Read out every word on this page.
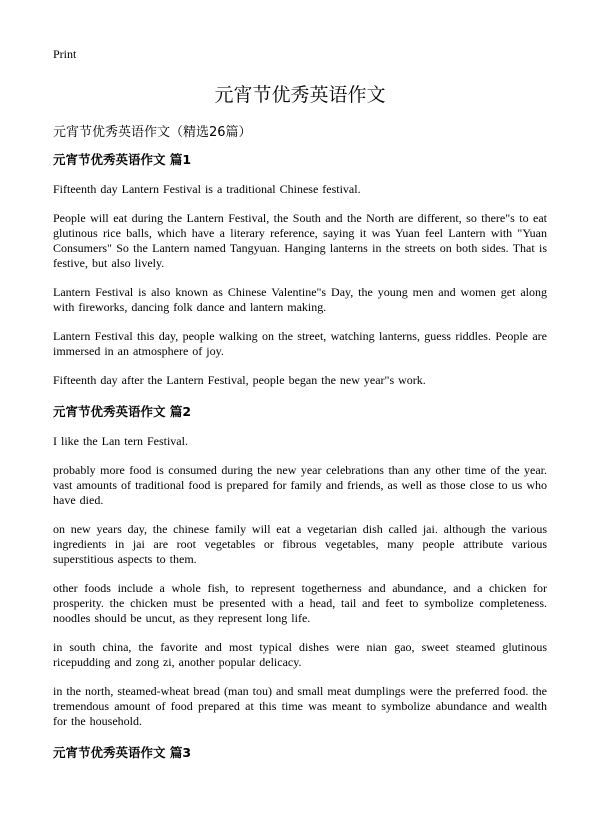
Print
元宵节优秀英语作文
元宵节优秀英语作文（精选26篇）
元宵节优秀英语作文 篇1

Fifteenth day Lantern Festival is a traditional Chinese festival.

People will eat during the Lantern Festival, the South and the North are different, so there"s to eat glutinous rice balls, which have a literary reference, saying it was Yuan feel Lantern with "Yuan Consumers" So the Lantern named Tangyuan. Hanging lanterns in the streets on both sides. That is festive, but also lively.

Lantern Festival is also known as Chinese Valentine"s Day, the young men and women get along with fireworks, dancing folk dance and lantern making.

Lantern Festival this day, people walking on the street, watching lanterns, guess riddles. People are immersed in an atmosphere of joy.

Fifteenth day after the Lantern Festival, people began the new year"s work.

元宵节优秀英语作文 篇2

I like the Lan tern Festival.

probably more food is consumed during the new year celebrations than any other time of the year. vast amounts of traditional food is prepared for family and friends, as well as those close to us who have died.

on new years day, the chinese family will eat a vegetarian dish called jai. although the various ingredients in jai are root vegetables or fibrous vegetables, many people attribute various superstitious aspects to them.

other foods include a whole fish, to represent togetherness and abundance, and a chicken for prosperity. the chicken must be presented with a head, tail and feet to symbolize completeness. noodles should be uncut, as they represent long life.

in south china, the favorite and most typical dishes were nian gao, sweet steamed glutinous ricepudding and zong zi, another popular delicacy.

in the north, steamed-wheat bread (man tou) and small meat dumplings were the preferred food. the tremendous amount of food prepared at this time was meant to symbolize abundance and wealth for the household.

元宵节优秀英语作文 篇3
